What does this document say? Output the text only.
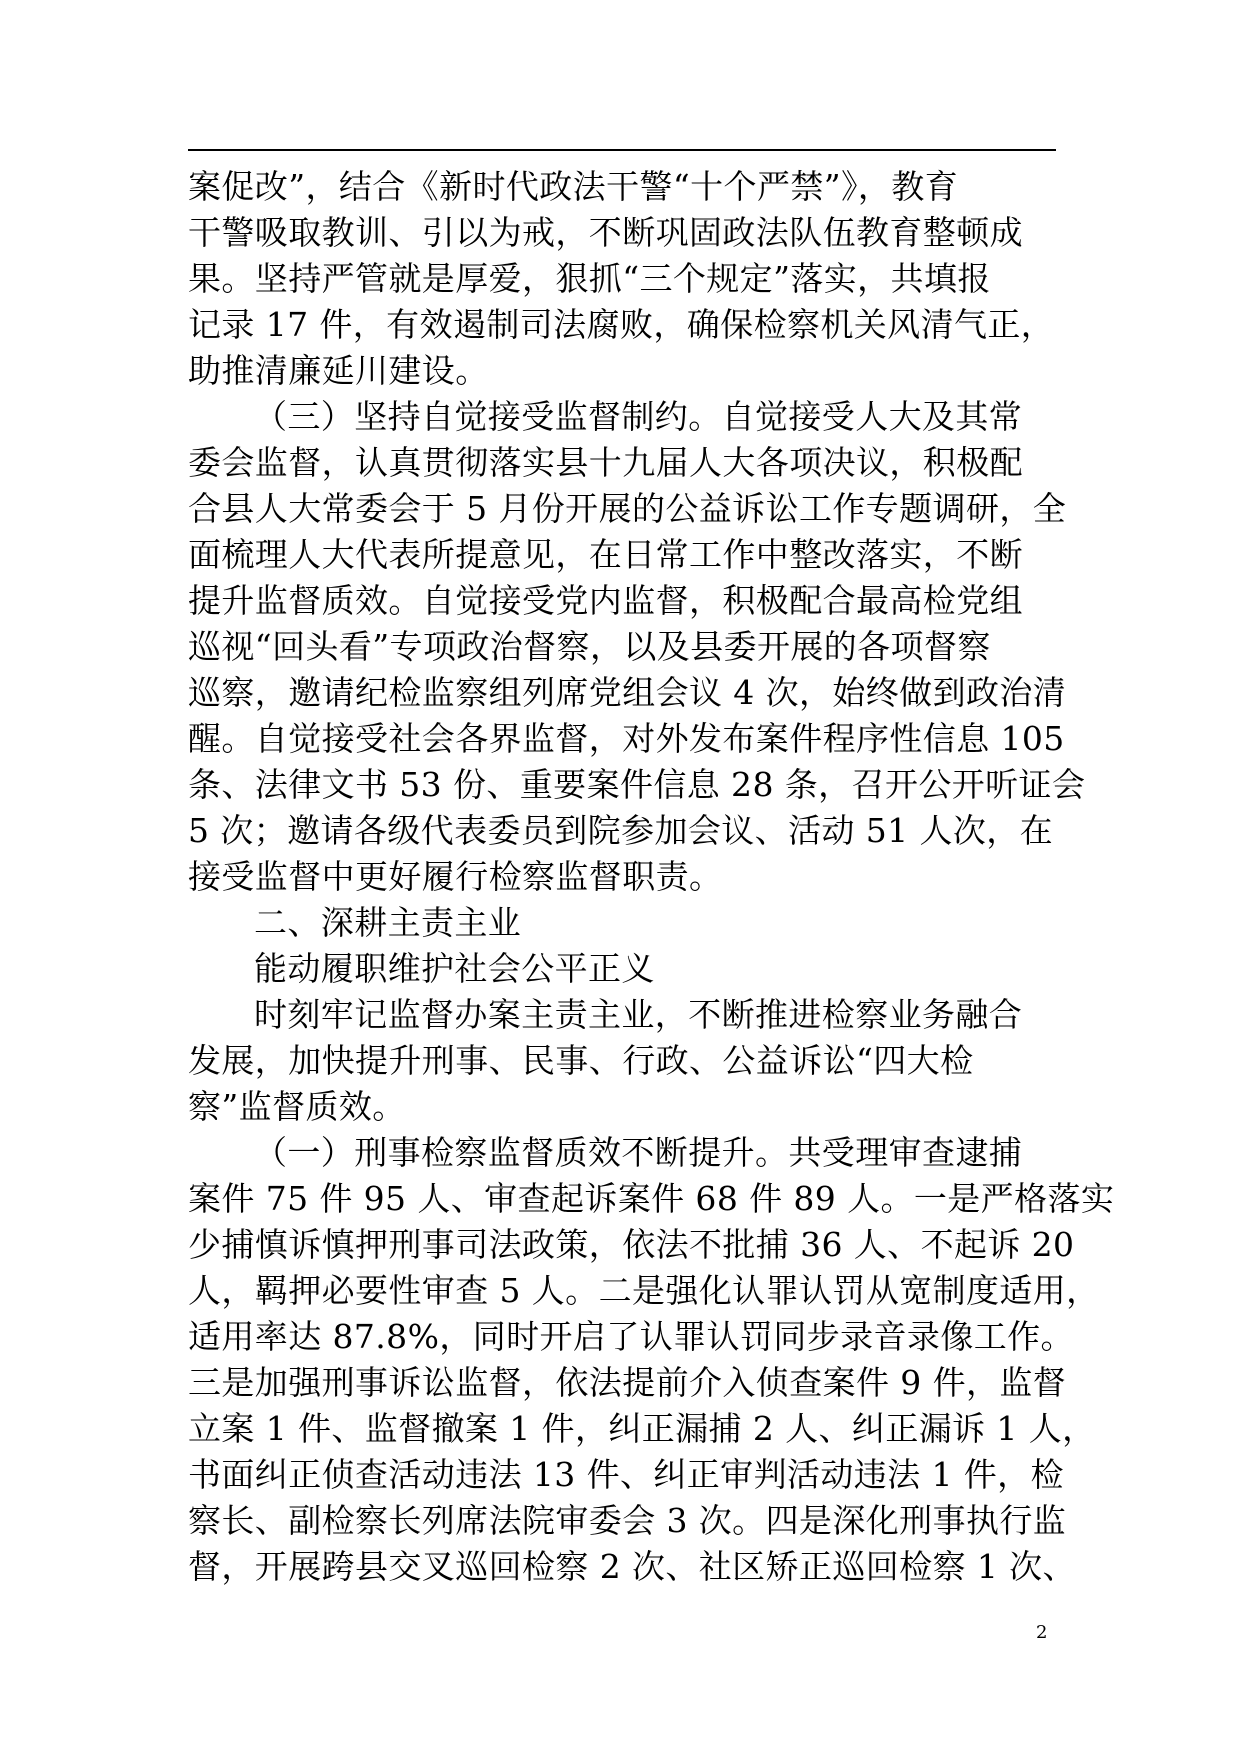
案促改”，结合《新时代政法干警“十个严禁”》，教育
干警吸取教训、引以为戒，不断巩固政法队伍教育整顿成
果。坚持严管就是厚爱，狠抓“三个规定”落实，共填报
记录 17 件，有效遏制司法腐败，确保检察机关风清气正，
助推清廉延川建设。
（三）坚持自觉接受监督制约。自觉接受人大及其常
委会监督，认真贯彻落实县十九届人大各项决议，积极配
合县人大常委会于 5 月份开展的公益诉讼工作专题调研，全
面梳理人大代表所提意见，在日常工作中整改落实，不断
提升监督质效。自觉接受党内监督，积极配合最高检党组
巡视“回头看”专项政治督察，以及县委开展的各项督察
巡察，邀请纪检监察组列席党组会议 4 次，始终做到政治清
醒。自觉接受社会各界监督，对外发布案件程序性信息 105
条、法律文书 53 份、重要案件信息 28 条，召开公开听证会
5 次；邀请各级代表委员到院参加会议、活动 51 人次，在
接受监督中更好履行检察监督职责。
二、深耕主责主业
能动履职维护社会公平正义
时刻牢记监督办案主责主业，不断推进检察业务融合
发展，加快提升刑事、民事、行政、公益诉讼“四大检
察”监督质效。
（一）刑事检察监督质效不断提升。共受理审查逮捕
案件 75 件 95 人、审查起诉案件 68 件 89 人。一是严格落实
少捕慎诉慎押刑事司法政策，依法不批捕 36 人、不起诉 20
人，羁押必要性审查 5 人。二是强化认罪认罚从宽制度适用，
适用率达 87.8%，同时开启了认罪认罚同步录音录像工作。
三是加强刑事诉讼监督，依法提前介入侦查案件 9 件，监督
立案 1 件、监督撤案 1 件，纠正漏捕 2 人、纠正漏诉 1 人，
书面纠正侦查活动违法 13 件、纠正审判活动违法 1 件，检
察长、副检察长列席法院审委会 3 次。四是深化刑事执行监
督，开展跨县交叉巡回检察 2 次、社区矫正巡回检察 1 次、
2
